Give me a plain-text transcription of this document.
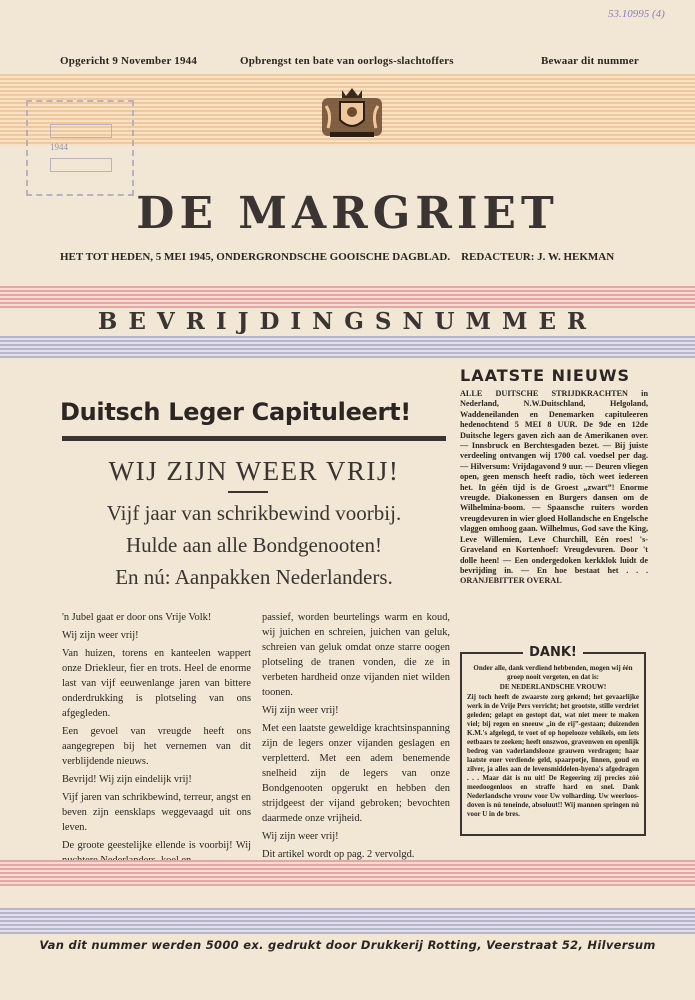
53.10995 (4)
Opgericht 9 November 1944	Opbrengst ten bate van oorlogs-slachtoffers	Bewaar dit nummer
1944
DE MARGRIET
HET TOT HEDEN, 5 MEI 1945, ONDERGRONDSCHE GOOISCHE DAGBLAD.    REDACTEUR: J. W. HEKMAN
BEVRIJDINGSNUMMER
Duitsch Leger Capituleert!
WIJ ZIJN WEER VRIJ!
Vijf jaar van schrikbewind voorbij.
Hulde aan alle Bondgenooten!
En nú: Aanpakken Nederlanders.

'n Jubel gaat er door ons Vrije Volk!

Wij zijn weer vrij!

Van huizen, torens en kanteelen wappert onze Driekleur, fier en trots. Heel de enorme last van vijf eeuwenlange jaren van bittere onderdrukking is plotseling van ons afgegleden.

Een gevoel van vreugde heeft ons aangegrepen bij het vernemen van dit verblijdende nieuws.

Bevrijd! Wij zijn eindelijk vrij!

Vijf jaren van schrikbewind, terreur, angst en beven zijn eensklaps weggevaagd uit ons leven.

De groote geestelijke ellende is voorbij! Wij

passief, worden beurtelings warm en koud, wij juichen en schreien, juichen van geluk, schreien van geluk omdat onze starre oogen plotseling de tranen vonden, die ze in verbeten hardheid onze vijanden niet wilden toonen.

Wij zijn weer vrij!

Met een laatste geweldige krachtsinspanning zijn de legers onzer vijanden geslagen en verpletterd. Met een adem benemende snelheid zijn de legers van onze Bondgenooten opgerukt en hebben den strijdgeest der vijand gebroken; bevochten daarmede onze vrijheid.

Wij zijn weer vrij!

Dit artikel wordt op pag. 2 vervolgd.

LAATSTE NIEUWS
ALLE DUITSCHE STRIJDKRACHTEN in Nederland, N.W.Duitschland, Helgoland, Waddeneilanden en Denemarken capituleeren hedenochtend 5 MEI 8 UUR. De 9de en 12de Duitsche legers gaven zich aan de Amerikanen over. — Innsbruck en Berchtesgaden bezet. — Bij juiste verdeeling ontvangen wij 1700 cal. voedsel per dag. — Hilversum: Vrijdagavond 9 uur. — Deuren vliegen open, geen mensch heeft radio, tòch weet iedereen het. In géén tijd is de Groest „zwart”! Enorme vreugde. Diakonessen en Burgers dansen om de Wilhelmina-boom. — Spaansche ruiters worden vreugdevuren in wier gloed Hollandsche en Engelsche vlaggen omhoog gaan. Wilhelmus, God save the King, Leve Willemien, Leve Churchill, Eén roes! 's-Graveland en Kortenhoef: Vreugdevuren. Door 't dolle heen! — Een ondergedoken kerkklok luidt de bevrijding in. — En hoe bestaat het . . . ORANJEBITTER OVERAL
DANK!
Onder alle, dank verdiend hebbenden, mogen wij één groep nooit vergeten, en dat is:
DE NEDERLANDSCHE VROUW!
Zij toch heeft de zwaarste zorg gekend; het gevaarlijke werk in de Vrije Pers verricht; het grootste, stille verdriet geleden; gelapt en gestopt dat, wat niet meer te maken viel; bij regen en sneeuw „in de rij”-gestaan; duizenden K.M.'s afgelegd, te voet of op hopelooze vehikels, om iets eetbaars te zoeken; heeft onszwoo, gravenwen en openlijk bedrog van vaderlandslooze grauwen verdragen; haar laatste euer verdiende geld, spaarpotje, linnen, goud en zilver, ja alles aan de levensmiddelen-hyena's afgedragen . . . Maar dát is nu uit! De Regeering zij precies zóó meedoogenloos en straffe hard en snel. Dank Nederlandsche vrouw voor Uw volharding. Uw weerloos-doven is nú teneinde, absoluut!! Wij mannen springen nú voor U in de bres.
Van dit nummer werden 5000 ex. gedrukt door Drukkerij Rotting, Veerstraat 52, Hilversum
